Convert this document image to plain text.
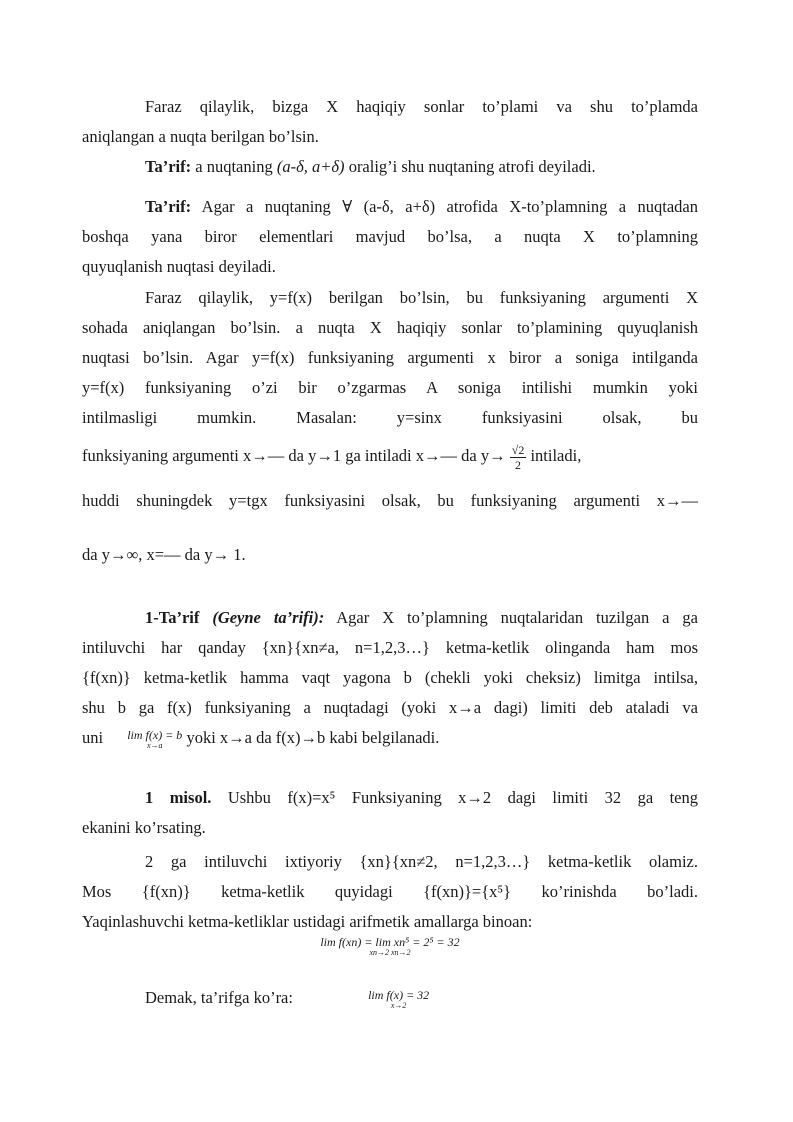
Faraz qilaylik, bizga X haqiqiy sonlar to’plami va shu to’plamda
aniqlangan a nuqta berilgan bo’lsin.
Ta’rif: a nuqtaning (a-δ, a+δ) oralig’i shu nuqtaning atrofi deyiladi.
Ta’rif: Agar a nuqtaning ∀ (a-δ, a+δ) atrofida X-to’plamning a nuqtadan
boshqa yana biror elementlari mavjud bo’lsa, a nuqta X to’plamning
quyuqlanish nuqtasi deyiladi.
Faraz qilaylik, y=f(x) berilgan bo’lsin, bu funksiyaning argumenti X
sohada aniqlangan bo’lsin. a nuqta X haqiqiy sonlar to’plamining quyuqlanish
nuqtasi bo’lsin. Agar y=f(x) funksiyaning argumenti x biror a soniga intilganda
y=f(x) funksiyaning o’zi bir o’zgarmas A soniga intilishi mumkin yoki
intilmasligi mumkin. Masalan: y=sinx funksiyasini olsak, bu
funksiyaning argumenti x→— da y→1 ga intiladi x→— da $y\to \frac{√2}{2}$ intiladi,
huddi shuningdek y=tgx funksiyasini olsak, bu funksiyaning argumenti x→—
da y→∞, x=— da y→ 1.
1-Ta’rif (Geyne ta’rifi): Agar X to’plamning nuqtalaridan tuzilgan a ga
intiluvchi har qanday {xn}{xn≠a, n=1,2,3…} ketma-ketlik olinganda ham mos
{f(xn)} ketma-ketlik hamma vaqt yagona b (chekli yoki cheksiz) limitga intilsa,
shu b ga f(x) funksiyaning a nuqtadagi (yoki x→a dagi) limiti deb ataladi va
uni lim f(x) = b
x→a	yoki x→a da f(x)→b kabi belgilanadi.
1 misol. Ushbu f(x)=x⁵ Funksiyaning x→2 dagi limiti 32 ga teng
ekanini ko’rsating.
2 ga intiluvchi ixtiyoriy {xn}{xn≠2, n=1,2,3…} ketma-ketlik olamiz.
Mos {f(xn)} ketma-ketlik quyidagi {f(xn)}={x⁵} ko’rinishda bo’ladi.
Yaqinlashuvchi ketma-ketliklar ustidagi arifmetik amallarga binoan:
lim f(xn) = lim xn⁵ = 2⁵ = 32
xn→2 xn→2
Demak, ta’rifga ko’ra:	lim f(x) = 32
x→2
